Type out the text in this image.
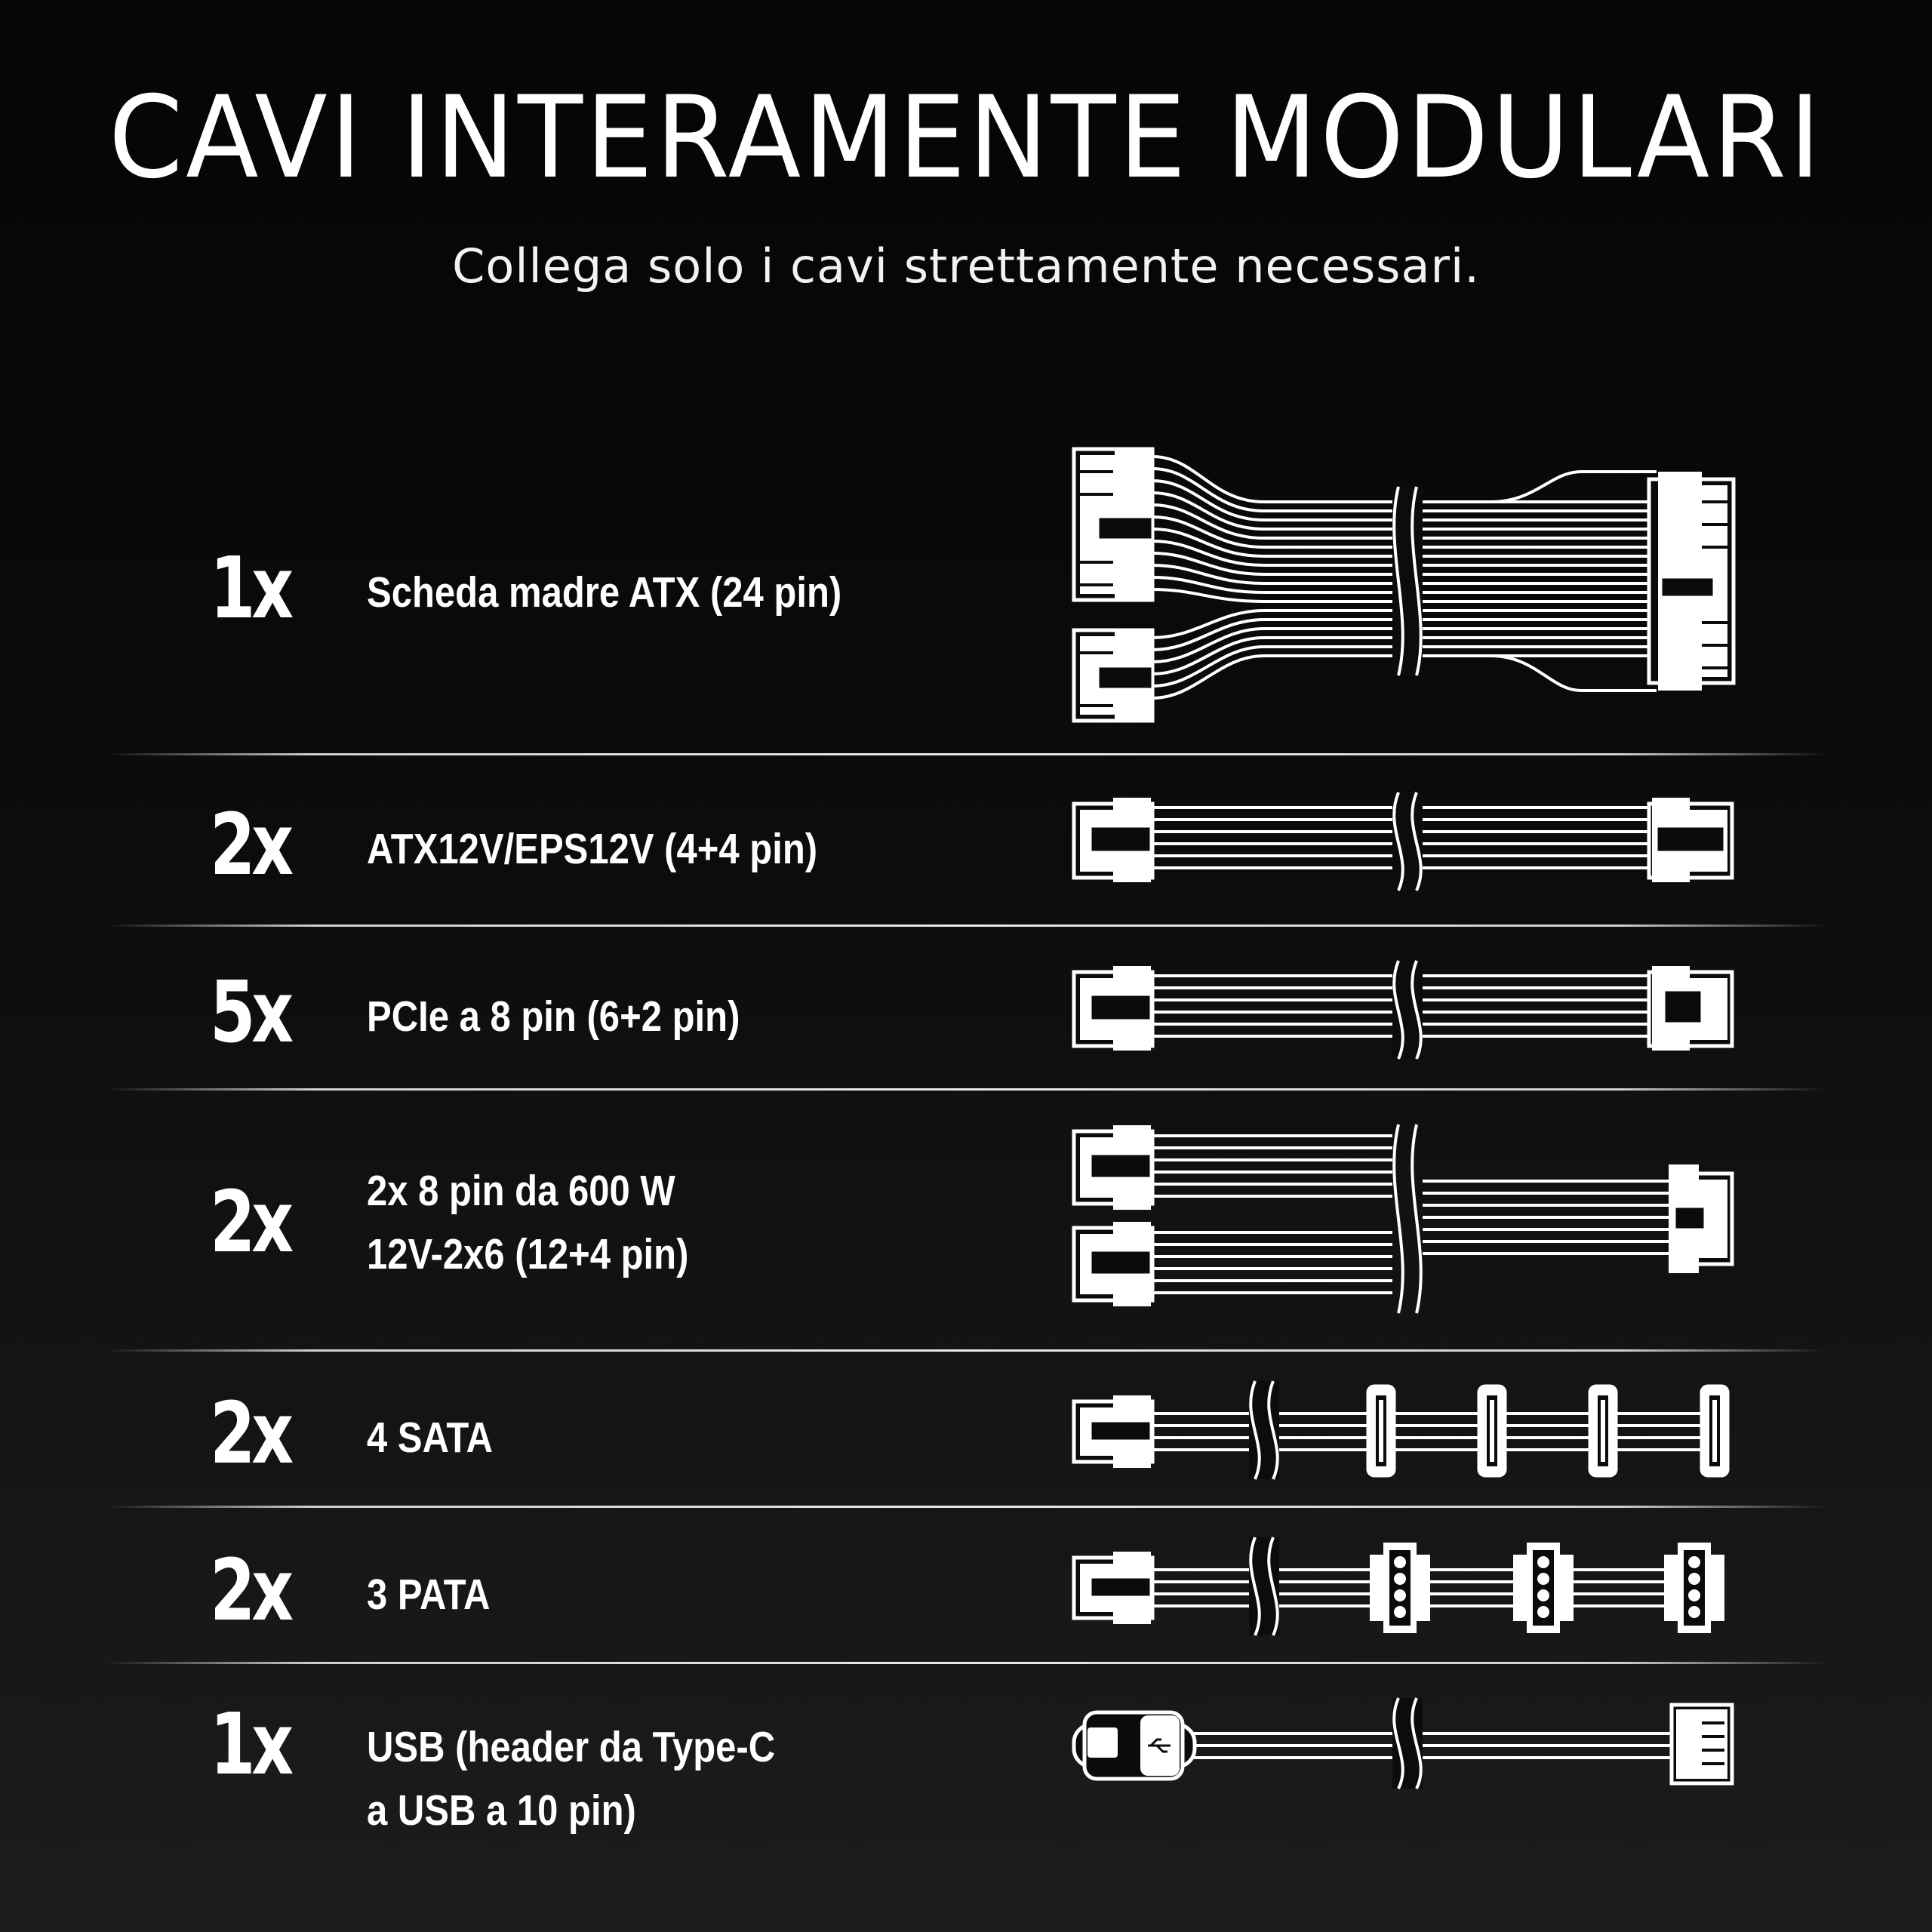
CAVI INTERAMENTE MODULARI

Collega solo i cavi strettamente necessari.

1x Scheda madre ATX (24 pin)
2x ATX12V/EPS12V (4+4 pin)
5x PCIe a 8 pin (6+2 pin)
2x 2x 8 pin da 600 W
12V-2x6 (12+4 pin)
2x 4 SATA
2x 3 PATA
1x USB (header da Type-C
a USB a 10 pin)
